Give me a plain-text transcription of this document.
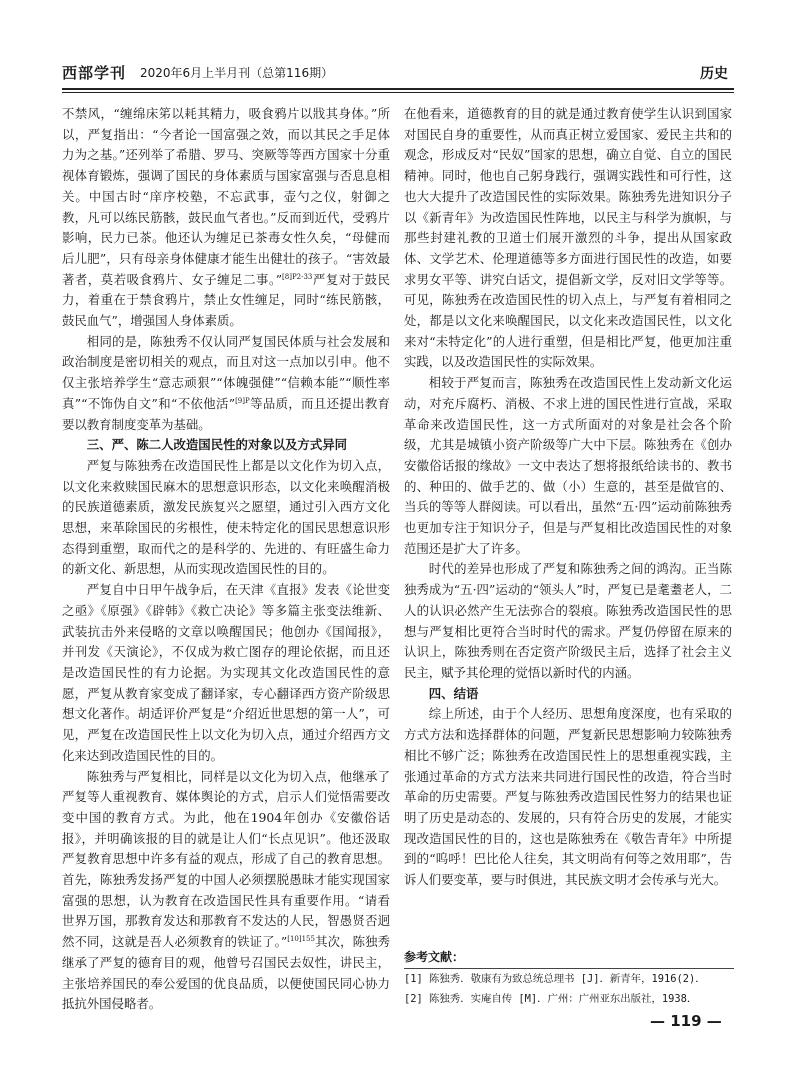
西部学刊 2020年6月上半月刊（总第116期）	历史

不禁风，“缠绵床笫以耗其精力，吸食鸦片以戕其身体。”所以，严复指出：“今者论一国富强之效，而以其民之手足体力为之基。”还列举了希腊、罗马、突厥等等西方国家十分重视体育锻炼，强调了国民的身体素质与国家富强与否息息相关。中国古时“庠序校塾，不忘武事，壶勺之仪，射御之教，凡可以练民筋骸，鼓民血气者也。”反而到近代，受鸦片影响，民力已茶。他还认为缠足已茶毒女性久矣，“母健而后儿肥”，只有母亲身体健康才能生出健壮的孩子。“害效最著者，莫若吸食鸦片、女子缠足二事。”$^{[8]P2-33}$严复对于鼓民力，着重在于禁食鸦片，禁止女性缠足，同时“练民筋骸，鼓民血气”，增强国人身体素质。

相同的是，陈独秀不仅认同严复国民体质与社会发展和政治制度是密切相关的观点，而且对这一点加以引申。他不仅主张培养学生“意志顽狠”“体魄强健”“信赖本能”“顺性率真”“不饰伪自文”和“不依他活”$^{[9]P}$等品质，而且还提出教育要以教育制度变革为基础。

三、严、陈二人改造国民性的对象以及方式异同

严复与陈独秀在改造国民性上都是以文化作为切入点，以文化来救赎国民麻木的思想意识形态，以文化来唤醒消极的民族道德素质，激发民族复兴之愿望，通过引入西方文化思想，来革除国民的劣根性，使未特定化的国民思想意识形态得到重塑，取而代之的是科学的、先进的、有旺盛生命力的新文化、新思想，从而实现改造国民性的目的。

严复自中日甲午战争后，在天津《直报》发表《论世变之亟》《原强》《辟韩》《救亡决论》等多篇主张变法维新、武装抗击外来侵略的文章以唤醒国民；他创办《国闻报》，并刊发《天演论》，不仅成为救亡图存的理论依据，而且还是改造国民性的有力论据。为实现其文化改造国民性的意愿，严复从教育家变成了翻译家，专心翻译西方资产阶级思想文化著作。胡适评价严复是“介绍近世思想的第一人”，可见，严复在改造国民性上以文化为切入点，通过介绍西方文化来达到改造国民性的目的。

陈独秀与严复相比，同样是以文化为切入点，他继承了严复等人重视教育、媒体舆论的方式，启示人们觉悟需要改变中国的教育方式。为此，他在1904年创办《安徽俗话报》，并明确该报的目的就是让人们“长点见识”。他还汲取严复教育思想中许多有益的观点，形成了自己的教育思想。首先，陈独秀发扬严复的中国人必须摆脱愚昧才能实现国家富强的思想，认为教育在改造国民性具有重要作用。“请看世界万国，那教育发达和那教育不发达的人民，智愚贤否迥然不同，这就是吾人必须教育的铁证了。”$^{[10]155}$其次，陈独秀继承了严复的德育目的观，他曾号召国民去奴性，讲民主，主张培养国民的奉公爱国的优良品质，以便使国民同心协力抵抗外国侵略者。

在他看来，道德教育的目的就是通过教育使学生认识到国家对国民自身的重要性，从而真正树立爱国家、爱民主共和的观念，形成反对“民奴”国家的思想，确立自觉、自立的国民精神。同时，他也自己躬身践行，强调实践性和可行性，这也大大提升了改造国民性的实际效果。陈独秀先进知识分子以《新青年》为改造国民性阵地，以民主与科学为旗帜，与那些封建礼教的卫道士们展开激烈的斗争，提出从国家政体、文学艺术、伦理道德等多方面进行国民性的改造，如要求男女平等、讲究白话文，提倡新文学，反对旧文学等等。可见，陈独秀在改造国民性的切入点上，与严复有着相同之处，都是以文化来唤醒国民，以文化来改造国民性，以文化来对“未特定化”的人进行重塑，但是相比严复，他更加注重实践，以及改造国民性的实际效果。

相较于严复而言，陈独秀在改造国民性上发动新文化运动，对充斥腐朽、消极、不求上进的国民性进行宣战，采取革命来改造国民性，这一方式所面对的对象是社会各个阶级，尤其是城镇小资产阶级等广大中下层。陈独秀在《创办安徽俗话报的缘故》一文中表达了想将报纸给读书的、教书的、种田的、做手艺的、做（小）生意的，甚至是做官的、当兵的等等人群阅读。可以看出，虽然“五·四”运动前陈独秀也更加专注于知识分子，但是与严复相比改造国民性的对象范围还是扩大了许多。

时代的差异也形成了严复和陈独秀之间的鸿沟。正当陈独秀成为“五·四”运动的“领头人”时，严复已是耄耋老人，二人的认识必然产生无法弥合的裂痕。陈独秀改造国民性的思想与严复相比更符合当时时代的需求。严复仍停留在原来的认识上，陈独秀则在否定资产阶级民主后，选择了社会主义民主，赋予其伦理的觉悟以新时代的内涵。

四、结语

综上所述，由于个人经历、思想角度深度，也有采取的方式方法和选择群体的问题，严复新民思想影响力较陈独秀相比不够广泛；陈独秀在改造国民性上的思想重视实践，主张通过革命的方式方法来共同进行国民性的改造，符合当时革命的历史需要。严复与陈独秀改造国民性努力的结果也证明了历史是动态的、发展的，只有符合历史的发展，才能实现改造国民性的目的，这也是陈独秀在《敬告青年》中所提到的“呜呼！巴比伦人往矣，其文明尚有何等之效用耶”，告诉人们要变革，要与时俱进，其民族文明才会传承与光大。

参考文献：
[1] 陈独秀．敬康有为致总统总理书 [J]．新青年，1916(2)．
[2] 陈独秀．实庵自传 [M]．广州：广州亚东出版社，1938．
— 119 —
